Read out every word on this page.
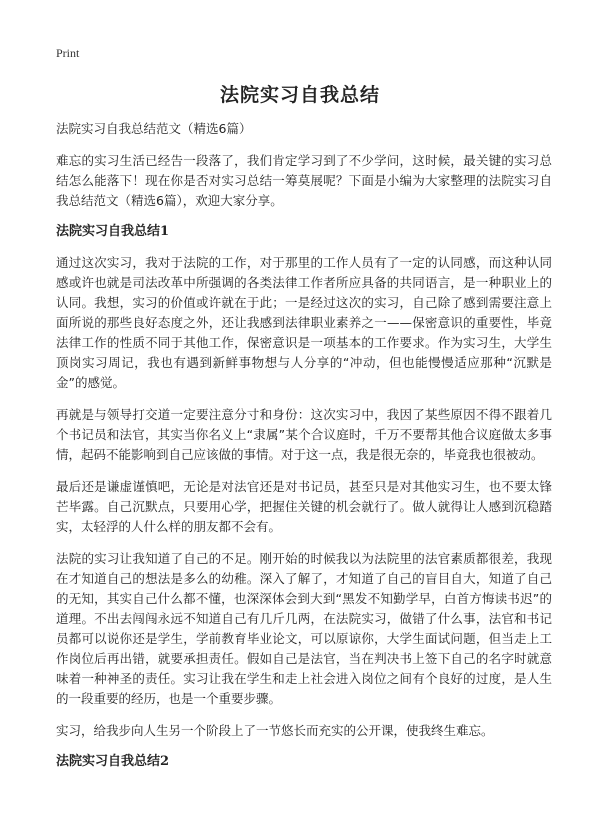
Print
法院实习自我总结
法院实习自我总结范文（精选6篇）

难忘的实习生活已经告一段落了，我们肯定学习到了不少学问，这时候，最关键的实习总结怎么能落下！现在你是否对实习总结一筹莫展呢？下面是小编为大家整理的法院实习自我总结范文（精选6篇），欢迎大家分享。

法院实习自我总结1

通过这次实习，我对于法院的工作，对于那里的工作人员有了一定的认同感，而这种认同感或许也就是司法改革中所强调的各类法律工作者所应具备的共同语言，是一种职业上的认同。我想，实习的价值或许就在于此；一是经过这次的实习，自己除了感到需要注意上面所说的那些良好态度之外，还让我感到法律职业素养之一——保密意识的重要性，毕竟法律工作的性质不同于其他工作，保密意识是一项基本的工作要求。作为实习生，大学生顶岗实习周记，我也有遇到新鲜事物想与人分享的“冲动，但也能慢慢适应那种“沉默是金”的感觉。

再就是与领导打交道一定要注意分寸和身份：这次实习中，我因了某些原因不得不跟着几个书记员和法官，其实当你名义上“隶属”某个合议庭时，千万不要帮其他合议庭做太多事情，起码不能影响到自己应该做的事情。对于这一点，我是很无奈的，毕竟我也很被动。

最后还是谦虚谨慎吧，无论是对法官还是对书记员，甚至只是对其他实习生，也不要太锋芒毕露。自己沉默点，只要用心学，把握住关键的机会就行了。做人就得让人感到沉稳踏实，太轻浮的人什么样的朋友都不会有。

法院的实习让我知道了自己的不足。刚开始的时候我以为法院里的法官素质都很差，我现在才知道自己的想法是多么的幼稚。深入了解了，才知道了自己的盲目自大，知道了自己的无知，其实自己什么都不懂，也深深体会到大到“黑发不知勤学早，白首方悔读书迟”的道理。不出去闯闯永远不知道自己有几斤几两，在法院实习，做错了什么事，法官和书记员都可以说你还是学生，学前教育毕业论文，可以原谅你，大学生面试问题，但当走上工作岗位后再出错，就要承担责任。假如自己是法官，当在判决书上签下自己的名字时就意味着一种神圣的责任。实习让我在学生和走上社会进入岗位之间有个良好的过度，是人生的一段重要的经历，也是一个重要步骤。

实习，给我步向人生另一个阶段上了一节悠长而充实的公开课，使我终生难忘。

法院实习自我总结2
